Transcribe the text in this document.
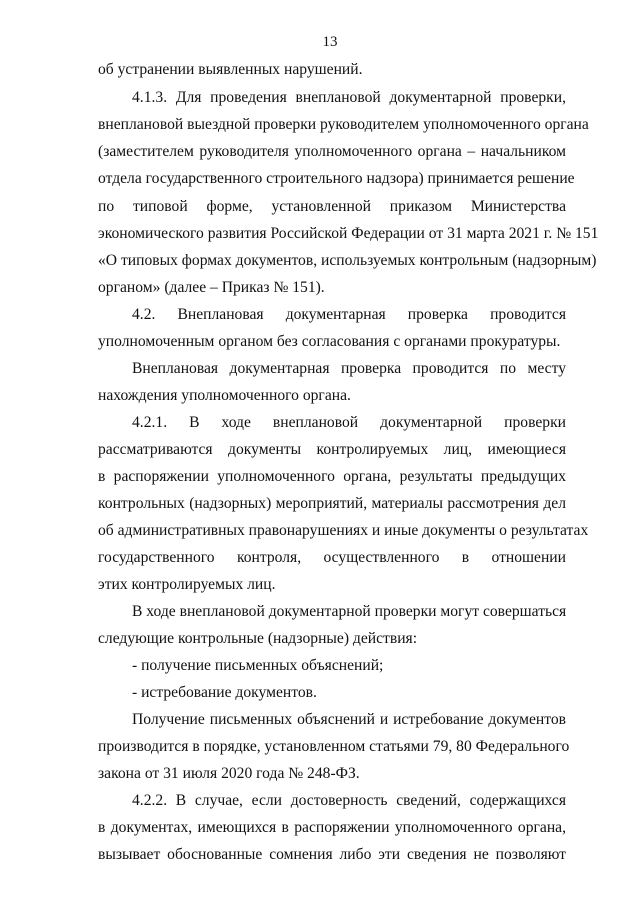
13
об устранении выявленных нарушений.
4.1.3. Для проведения внеплановой документарной проверки,
внеплановой выездной проверки руководителем уполномоченного органа
(заместителем руководителя уполномоченного органа – начальником
отдела государственного строительного надзора) принимается решение
по типовой форме, установленной приказом Министерства
экономического развития Российской Федерации от 31 марта 2021 г. № 151
«О типовых формах документов, используемых контрольным (надзорным)
органом» (далее – Приказ № 151).
4.2. Внеплановая документарная проверка проводится
уполномоченным органом без согласования с органами прокуратуры.
Внеплановая документарная проверка проводится по месту
нахождения уполномоченного органа.
4.2.1. В ходе внеплановой документарной проверки
рассматриваются документы контролируемых лиц, имеющиеся
в распоряжении уполномоченного органа, результаты предыдущих
контрольных (надзорных) мероприятий, материалы рассмотрения дел
об административных правонарушениях и иные документы о результатах
государственного контроля, осуществленного в отношении
этих контролируемых лиц.
В ходе внеплановой документарной проверки могут совершаться
следующие контрольные (надзорные) действия:
- получение письменных объяснений;
- истребование документов.
Получение письменных объяснений и истребование документов
производится в порядке, установленном статьями 79, 80 Федерального
закона от 31 июля 2020 года № 248-ФЗ.
4.2.2. В случае, если достоверность сведений, содержащихся
в документах, имеющихся в распоряжении уполномоченного органа,
вызывает обоснованные сомнения либо эти сведения не позволяют
